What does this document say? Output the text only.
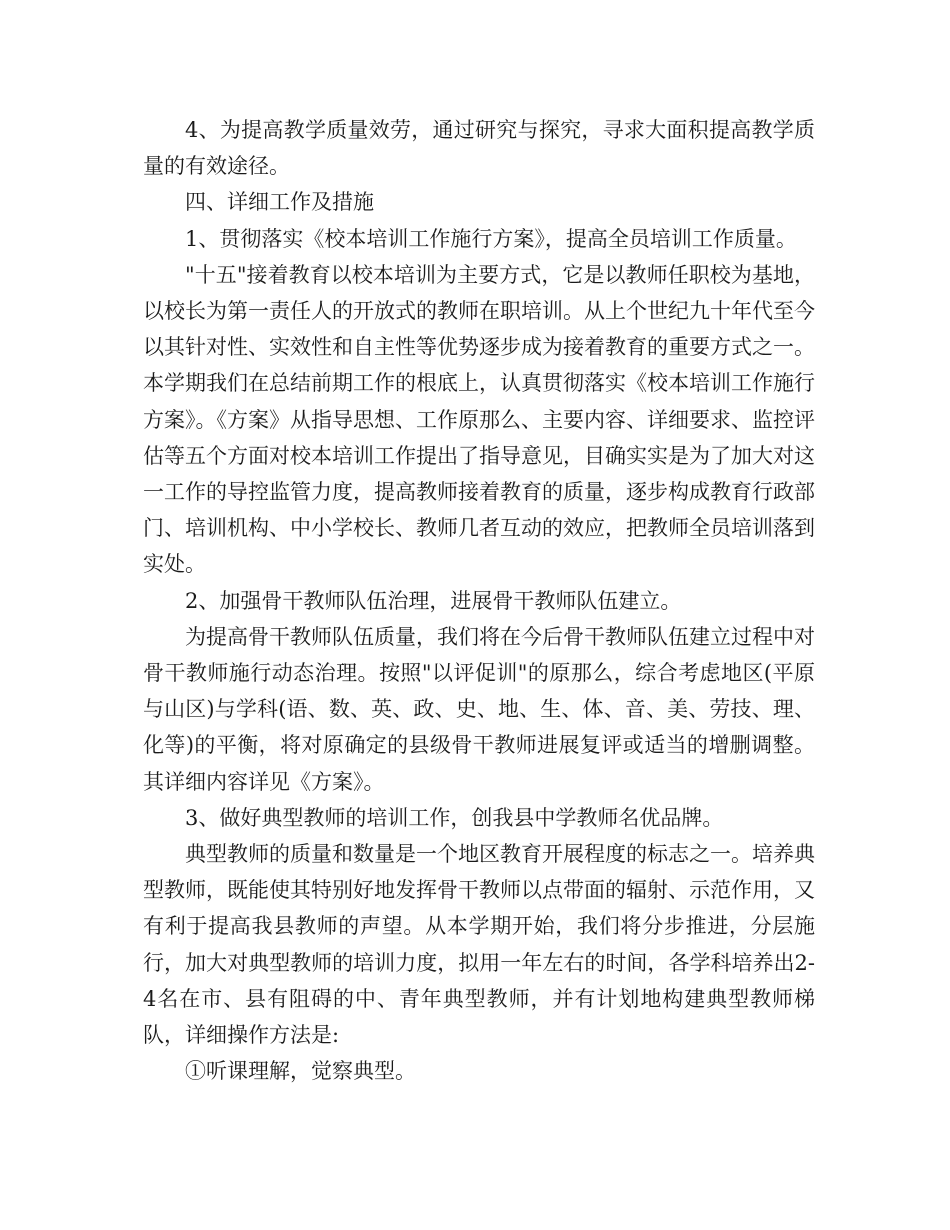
4、为提高教学质量效劳，通过研究与探究，寻求大面积提高教学质量的有效途径。

四、详细工作及措施

1、贯彻落实《校本培训工作施行方案》，提高全员培训工作质量。

"十五"接着教育以校本培训为主要方式，它是以教师任职校为基地，以校长为第一责任人的开放式的教师在职培训。从上个世纪九十年代至今以其针对性、实效性和自主性等优势逐步成为接着教育的重要方式之一。本学期我们在总结前期工作的根底上，认真贯彻落实《校本培训工作施行方案》。《方案》从指导思想、工作原那么、主要内容、详细要求、监控评估等五个方面对校本培训工作提出了指导意见，目确实实是为了加大对这一工作的导控监管力度，提高教师接着教育的质量，逐步构成教育行政部门、培训机构、中小学校长、教师几者互动的效应，把教师全员培训落到实处。

2、加强骨干教师队伍治理，进展骨干教师队伍建立。

为提高骨干教师队伍质量，我们将在今后骨干教师队伍建立过程中对骨干教师施行动态治理。按照"以评促训"的原那么，综合考虑地区(平原与山区)与学科(语、数、英、政、史、地、生、体、音、美、劳技、理、化等)的平衡，将对原确定的县级骨干教师进展复评或适当的增删调整。其详细内容详见《方案》。

3、做好典型教师的培训工作，创我县中学教师名优品牌。

典型教师的质量和数量是一个地区教育开展程度的标志之一。培养典型教师，既能使其特别好地发挥骨干教师以点带面的辐射、示范作用，又有利于提高我县教师的声望。从本学期开始，我们将分步推进，分层施行，加大对典型教师的培训力度，拟用一年左右的时间，各学科培养出2-4名在市、县有阻碍的中、青年典型教师，并有计划地构建典型教师梯队，详细操作方法是:

①听课理解，觉察典型。
